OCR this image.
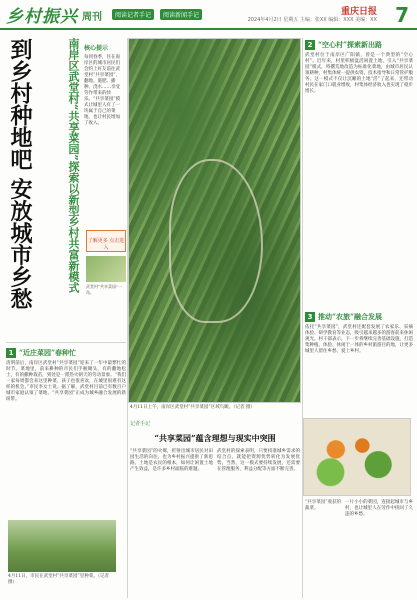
乡村振兴 周刊	阅读记者手记	阅读新闻手记	重庆日报
2024年4月2日 星期五 主编：张XX 编辑：XXX 美编：XX 7
到乡村种地吧 安放城市乡愁	南岸区武堂村“共享菜园”探索以新型乡村共富新模式 核心提示
每到春季，住在南岸区的城市居民们会约上好友前往武堂村“共享菜园”，翻地、施肥、播种、浇水……享受劳作带来的快乐。“共享菜园”模式让城里人有了一块属于自己的菜地，也让村民增加了收入。
了解更多 点击进入
武堂村“共享菜园”一角。
4月11日上午，南岸区武堂村“共享菜园”区域鸟瞰。（记者 摄）
2 “空心村”探索新出路
武堂村位于南岸区广阳镇，曾是一个典型的“空心村”。近年来，村里积极盘活闲置土地，引入“共享菜园”模式，将撂荒地改造为标准化菜地，由城市居民认领耕种，村集体统一提供农资、技术指导和日常管护服务。这一模式不仅让沉睡的土地“活”了起来，还带动村民在家门口就业增收，村集体经济收入也实现了稳步增长。
3 推动“农旅”融合发展
依托“共享菜园”，武堂村还配套发展了农家乐、采摘体验、研学教育等业态，吸引越来越多的游客前来休闲观光。村干部表示，下一步将继续完善基础设施，打造集种植、体验、休闲于一体的乡村旅游目的地，让更多城里人留住乡愁、爱上乡村。
1 “近庄菜园”春种忙
清明前后，南岸区武堂村“共享菜园”迎来了一年中最繁忙的时节。菜地里，前来耕种的市民们手握锄头，有的翻地松土，有的撒种栽苗，到处是一派热火朝天的劳动景象。“我们一家每周都会来这里种菜，孩子也很喜欢，在城里很难有这样的机会。”市民李女士说。据了解，武堂村目前已有数百户城市家庭认领了菜地，“共享菜园”正成为城乡融合发展的新纽带。
4月11日，市民在武堂村“共享菜园”里种菜。（记者 摄）
记者手记
“共享菜园”蕴含理想与现实中突围
“共享菜园”的火爆，折射出城市居民对田园生活的向往，也为乡村振兴提供了新思路。土地是农民的根本，如何让闲置土地产生效益，是许多乡村面临的难题。
武堂村的探索表明，只要找准城乡需求的结合点，就能把资源优势转化为发展优势。当然，这一模式要持续发展，还需要在管理服务、利益分配等方面不断完善。
“共享菜园”收获的蔬菜。
一片小小的菜园，连接起城市与乡村，也让城里人在劳作中找回了久违的乡愁。
